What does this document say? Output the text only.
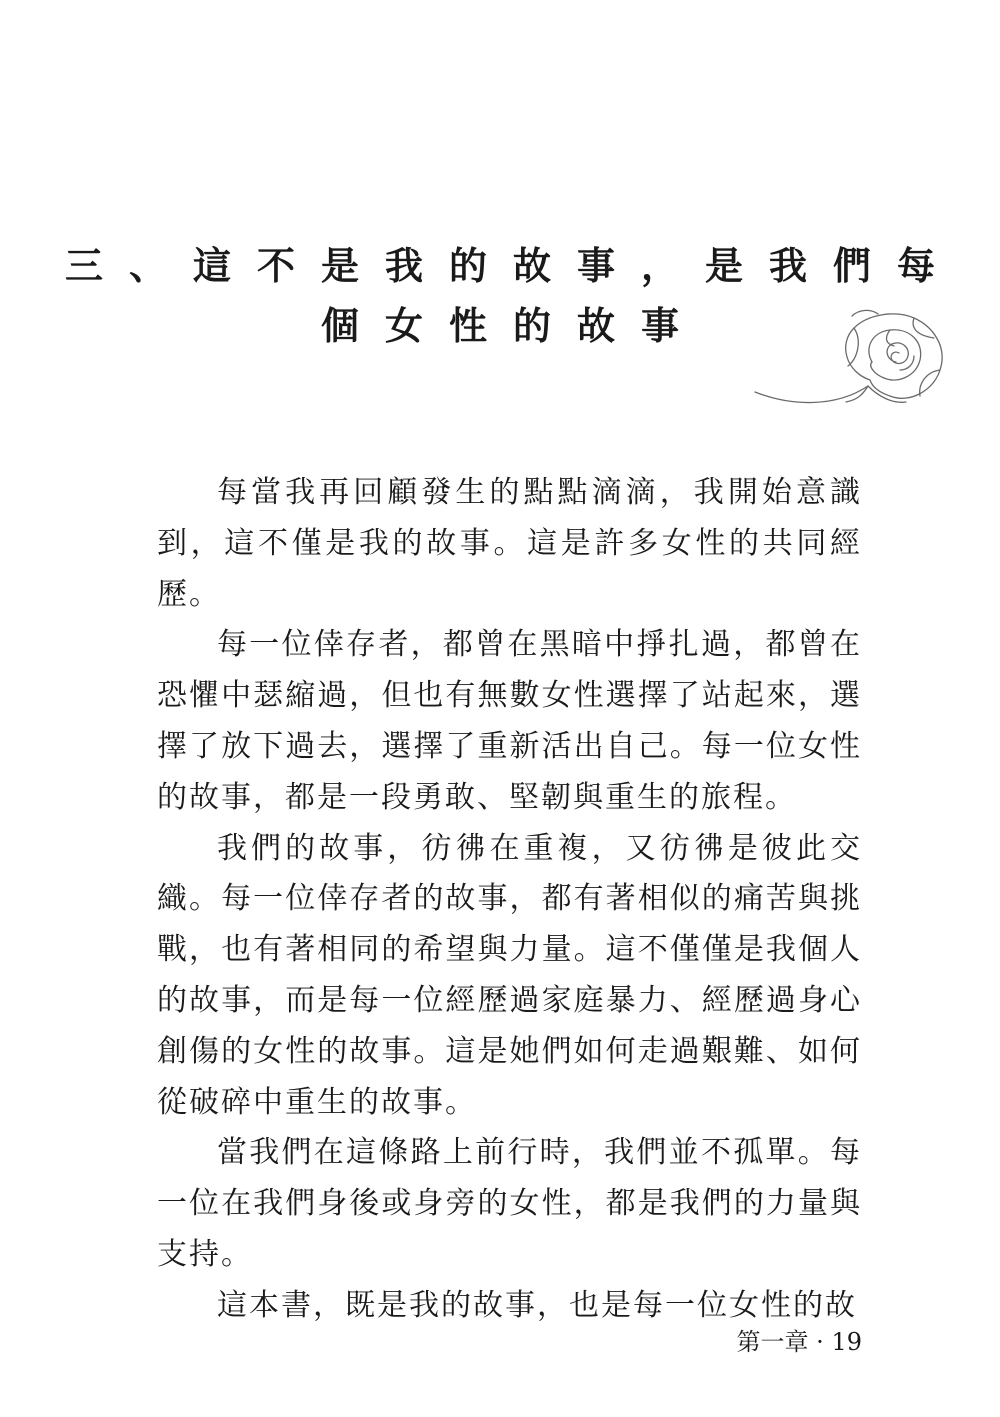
三、這不是我的故事，是我們每
個女性的故事

每當我再回顧發生的點點滴滴，我開始意識到，這不僅是我的故事。這是許多女性的共同經歷。

每一位倖存者，都曾在黑暗中掙扎過，都曾在恐懼中瑟縮過，但也有無數女性選擇了站起來，選擇了放下過去，選擇了重新活出自己。每一位女性的故事，都是一段勇敢、堅韌與重生的旅程。

我們的故事，彷彿在重複，又彷彿是彼此交織。每一位倖存者的故事，都有著相似的痛苦與挑戰，也有著相同的希望與力量。這不僅僅是我個人的故事，而是每一位經歷過家庭暴力、經歷過身心創傷的女性的故事。這是她們如何走過艱難、如何從破碎中重生的故事。

當我們在這條路上前行時，我們並不孤單。每一位在我們身後或身旁的女性，都是我們的力量與支持。

這本書，既是我的故事，也是每一位女性的故

第一章 · 19
